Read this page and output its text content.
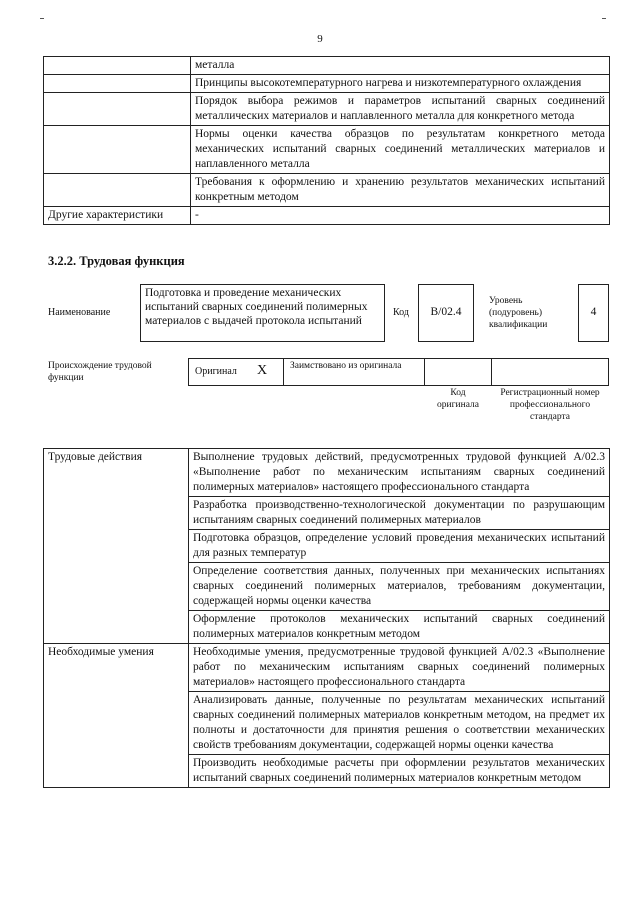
9
	металла
	Принципы высокотемпературного нагрева и низкотемпературного охлаждения
	Порядок выбора режимов и параметров испытаний сварных соединений металлических материалов и наплавленного металла для конкретного метода
	Нормы оценки качества образцов по результатам конкретного метода механических испытаний сварных соединений металлических материалов и наплавленного металла
	Требования к оформлению и хранению результатов механических испытаний конкретным методом
Другие характеристики	-
3.2.2. Трудовая функция
Наименование
Подготовка и проведение механических испытаний сварных соединений полимерных материалов с выдачей протокола испытаний
Код	B/02.4
Уровень (подуровень) квалификации
4
Происхождение трудовой функции
Оригинал X	Заимствовано из оригинала
Код оригинала
Регистрационный номер профессионального стандарта
Трудовые действия	Выполнение трудовых действий, предусмотренных трудовой функцией A/02.3 «Выполнение работ по механическим испытаниям сварных соединений полимерных материалов» настоящего профессионального стандарта
	Разработка производственно-технологической документации по разрушающим испытаниям сварных соединений полимерных материалов
	Подготовка образцов, определение условий проведения механических испытаний для разных температур
	Определение соответствия данных, полученных при механических испытаниях сварных соединений полимерных материалов, требованиям документации, содержащей нормы оценки качества
	Оформление протоколов механических испытаний сварных соединений полимерных материалов конкретным методом
Необходимые умения	Необходимые умения, предусмотренные трудовой функцией A/02.3 «Выполнение работ по механическим испытаниям сварных соединений полимерных материалов» настоящего профессионального стандарта
	Анализировать данные, полученные по результатам механических испытаний сварных соединений полимерных материалов конкретным методом, на предмет их полноты и достаточности для принятия решения о соответствии механических свойств требованиям документации, содержащей нормы оценки качества
	Производить необходимые расчеты при оформлении результатов механических испытаний сварных соединений полимерных материалов конкретным методом
